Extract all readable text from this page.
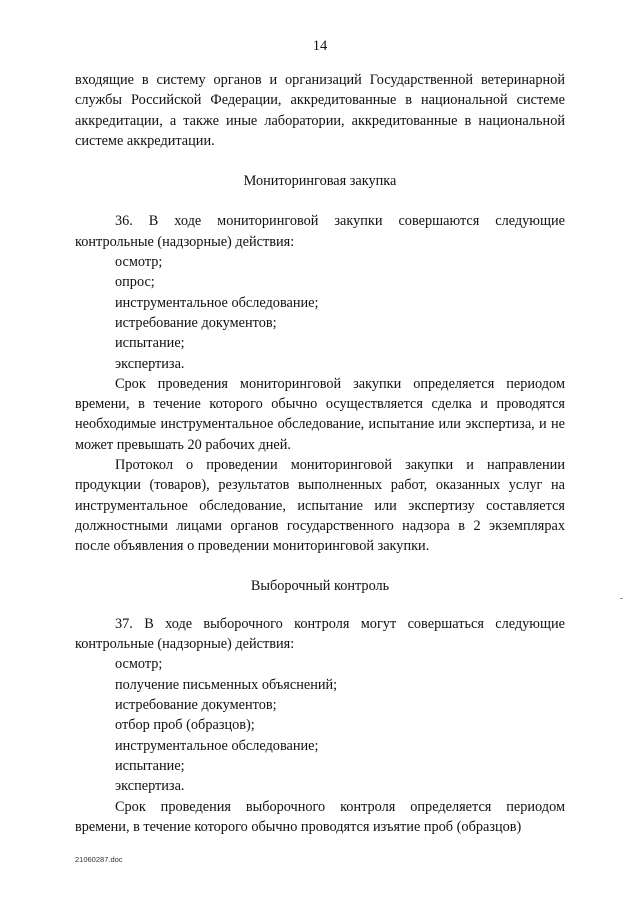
14

входящие в систему органов и организаций Государственной ветеринарной службы Российской Федерации, аккредитованные в национальной системе аккредитации, а также иные лаборатории, аккредитованные в национальной системе аккредитации.

Мониторинговая закупка

36. В ходе мониторинговой закупки совершаются следующие контрольные (надзорные) действия:

осмотр;

опрос;

инструментальное обследование;

истребование документов;

испытание;

экспертиза.

Срок проведения мониторинговой закупки определяется периодом времени, в течение которого обычно осуществляется сделка и проводятся необходимые инструментальное обследование, испытание или экспертиза, и не может превышать 20 рабочих дней.

Протокол о проведении мониторинговой закупки и направлении продукции (товаров), результатов выполненных работ, оказанных услуг на инструментальное обследование, испытание или экспертизу составляется должностными лицами органов государственного надзора в 2 экземплярах после объявления о проведении мониторинговой закупки.

Выборочный контроль

37. В ходе выборочного контроля могут совершаться следующие контрольные (надзорные) действия:

осмотр;

получение письменных объяснений;

истребование документов;

отбор проб (образцов);

инструментальное обследование;

испытание;

экспертиза.

Срок проведения выборочного контроля определяется периодом времени, в течение которого обычно проводятся изъятие проб (образцов)

21060287.doc
